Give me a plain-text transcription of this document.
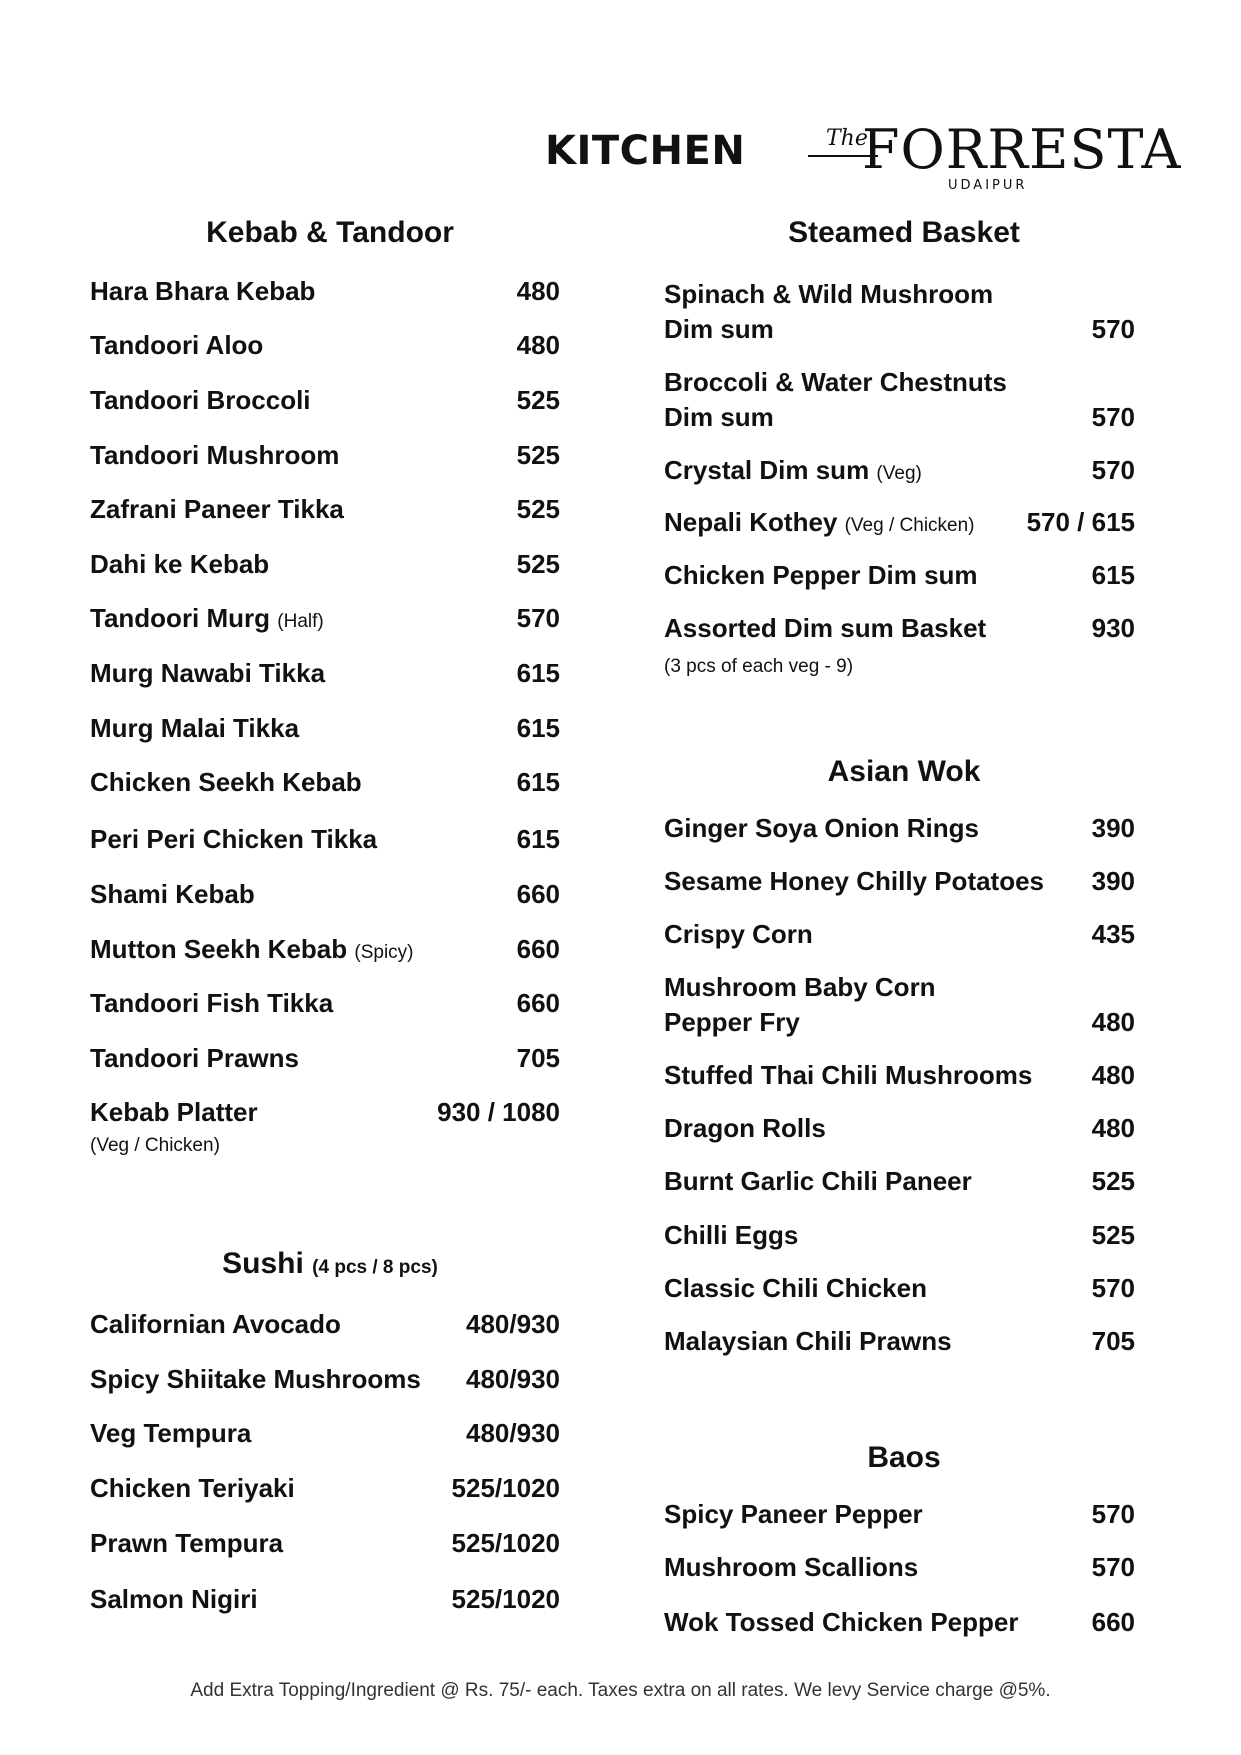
KITCHEN	The
FORRESTA
UDAIPUR
Kebab & Tandoor
Hara Bhara Kebab	480
Tandoori Aloo	480
Tandoori Broccoli	525
Tandoori Mushroom	525
Zafrani Paneer Tikka	525
Dahi ke Kebab	525
Tandoori Murg (Half)	570
Murg Nawabi Tikka	615
Murg Malai Tikka	615
Chicken Seekh Kebab	615
Peri Peri Chicken Tikka	615
Shami Kebab	660
Mutton Seekh Kebab (Spicy)	660
Tandoori Fish Tikka	660
Tandoori Prawns	705
Kebab Platter	930 / 1080
(Veg / Chicken)
Sushi (4 pcs / 8 pcs)
Californian Avocado	480/930
Spicy Shiitake Mushrooms	480/930
Veg Tempura	480/930
Chicken Teriyaki	525/1020
Prawn Tempura	525/1020
Salmon Nigiri	525/1020
Steamed Basket
Spinach & Wild Mushroom
Dim sum	570
Broccoli & Water Chestnuts
Dim sum	570
Crystal Dim sum (Veg)	570
Nepali Kothey (Veg / Chicken)	570 / 615
Chicken Pepper Dim sum	615
Assorted Dim sum Basket	930
(3 pcs of each veg - 9)
Asian Wok
Ginger Soya Onion Rings	390
Sesame Honey Chilly Potatoes	390
Crispy Corn	435
Mushroom Baby Corn
Pepper Fry	480
Stuffed Thai Chili Mushrooms	480
Dragon Rolls	480
Burnt Garlic Chili Paneer	525
Chilli Eggs	525
Classic Chili Chicken	570
Malaysian Chili Prawns	705
Baos
Spicy Paneer Pepper	570
Mushroom Scallions	570
Wok Tossed Chicken Pepper	660
Add Extra Topping/Ingredient @ Rs. 75/- each. Taxes extra on all rates. We levy Service charge @5%.
